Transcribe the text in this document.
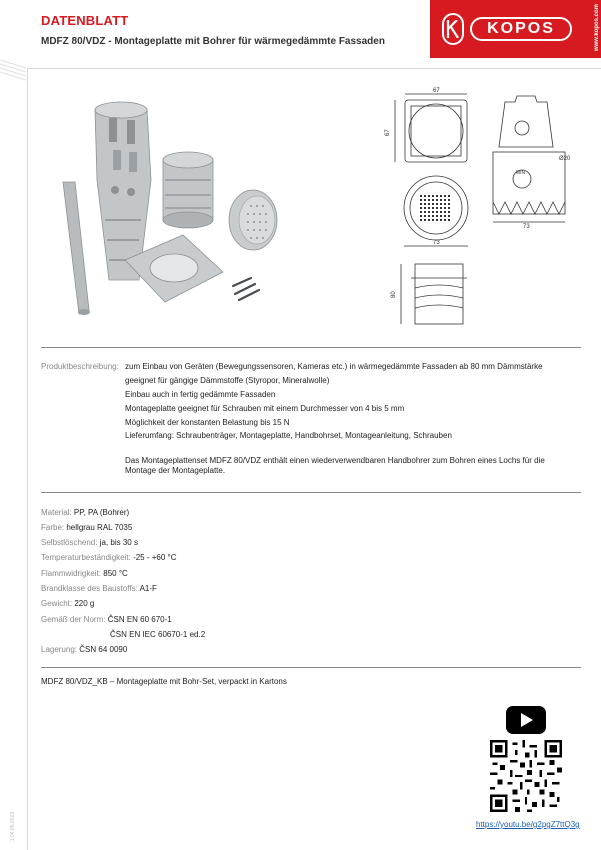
DATENBLATT
MDFZ 80/VDZ - Montageplatte mit Bohrer für wärmegedämmte Fassaden
KOPOS	www.kopos.com
1.04.05.2023
67
67
73
Ø20
MIN
73
80
Produktbeschreibung: zum Einbau von Geräten (Bewegungssensoren, Kameras etc.) in wärmegedämmte Fassaden ab 80 mm Dämmstärke
geeignet für gängige Dämmstoffe (Styropor, Mineralwolle)
Einbau auch in fertig gedämmte Fassaden
Montageplatte geeignet für Schrauben mit einem Durchmesser von 4 bis 5 mm
Möglichkeit der konstanten Belastung bis 15 N
Lieferumfang: Schraubenträger, Montageplatte, Handbohrset, Montageanleitung, Schrauben
Das Montageplattenset MDFZ 80/VDZ enthält einen wiederverwendbaren Handbohrer zum Bohren eines Lochs für die Montage der Montageplatte.
Material: PP, PA (Bohrer)
Farbe: hellgrau RAL 7035
Selbstlöschend: ja, bis 30 s
Temperaturbeständigkeit: -25 - +60 °C
Flammwidrigkeit: 850 °C
Brandklasse des Baustoffs: A1-F
Gewicht: 220 g
Gemäß der Norm: ČSN EN 60 670-1
ČSN EN IEC 60670-1 ed.2
Lagerung: ČSN 64 0090
MDFZ 80/VDZ_KB – Montageplatte mit Bohr-Set, verpackt in Kartons
https://youtu.be/g2pgZ7ttQ3g
